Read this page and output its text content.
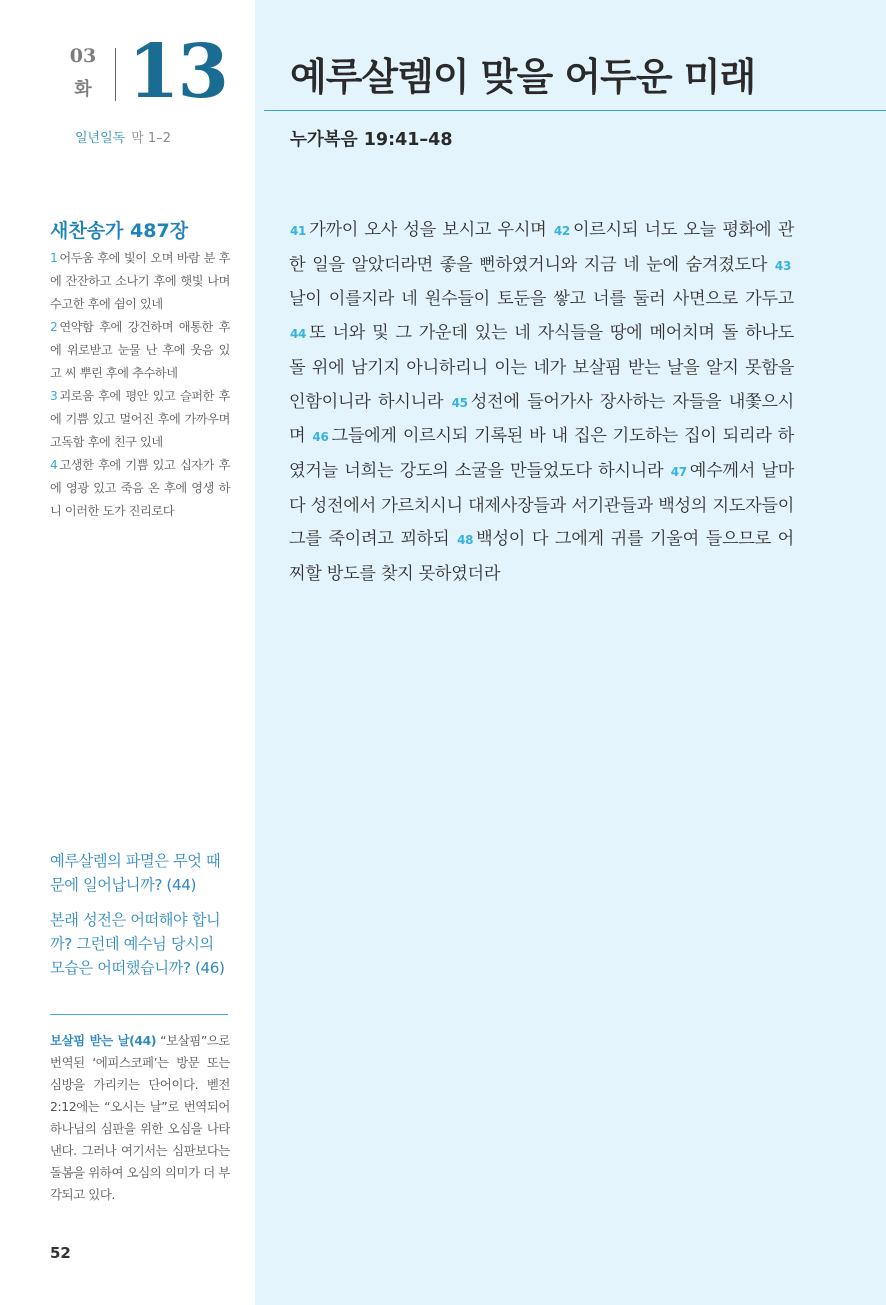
03
화 13
일년일독 막 1–2
예루살렘이 맞을 어두운 미래
누가복음 19:41–48
41 가까이 오사 성을 보시고 우시며 42 이르시되 너도 오늘 평화에 관한 일을 알았더라면 좋을 뻔하였거니와 지금 네 눈에 숨겨졌도다 43날이 이를지라 네 원수들이 토둔을 쌓고 너를 둘러 사면으로 가두고 44 또 너와 및 그 가운데 있는 네 자식들을 땅에 메어치며 돌 하나도 돌 위에 남기지 아니하리니 이는 네가 보살핌 받는 날을 알지 못함을 인함이니라 하시니라 45 성전에 들어가사 장사하는 자들을 내쫓으시며 46 그들에게 이르시되 기록된 바 내 집은 기도하는 집이 되리라 하였거늘 너희는 강도의 소굴을 만들었도다 하시니라 47 예수께서 날마다 성전에서 가르치시니 대제사장들과 서기관들과 백성의 지도자들이 그를 죽이려고 꾀하되 48 백성이 다 그에게 귀를 기울여 들으므로 어찌할 방도를 찾지 못하였더라
새찬송가 487장
1 어두움 후에 빛이 오며 바람 분 후에 잔잔하고 소나기 후에 햇빛 나며 수고한 후에 쉼이 있네
2 연약함 후에 강건하며 애통한 후에 위로받고 눈물 난 후에 웃음 있고 씨 뿌린 후에 추수하네
3 괴로움 후에 평안 있고 슬퍼한 후에 기쁨 있고 멀어진 후에 가까우며 고독함 후에 친구 있네
4 고생한 후에 기쁨 있고 십자가 후에 영광 있고 죽음 온 후에 영생 하니 이러한 도가 진리로다

예루살렘의 파멸은 무엇 때문에 일어납니까? (44)

본래 성전은 어떠해야 합니까? 그런데 예수님 당시의 모습은 어떠했습니까? (46)

보살핌 받는 날(44) “보살핌”으로 번역된 ‘에피스코페’는 방문 또는 심방을 가리키는 단어이다. 벧전 2:12에는 “오시는 날”로 번역되어 하나님의 심판을 위한 오심을 나타낸다. 그러나 여기서는 심판보다는 돌봄을 위하여 오심의 의미가 더 부각되고 있다.
52
